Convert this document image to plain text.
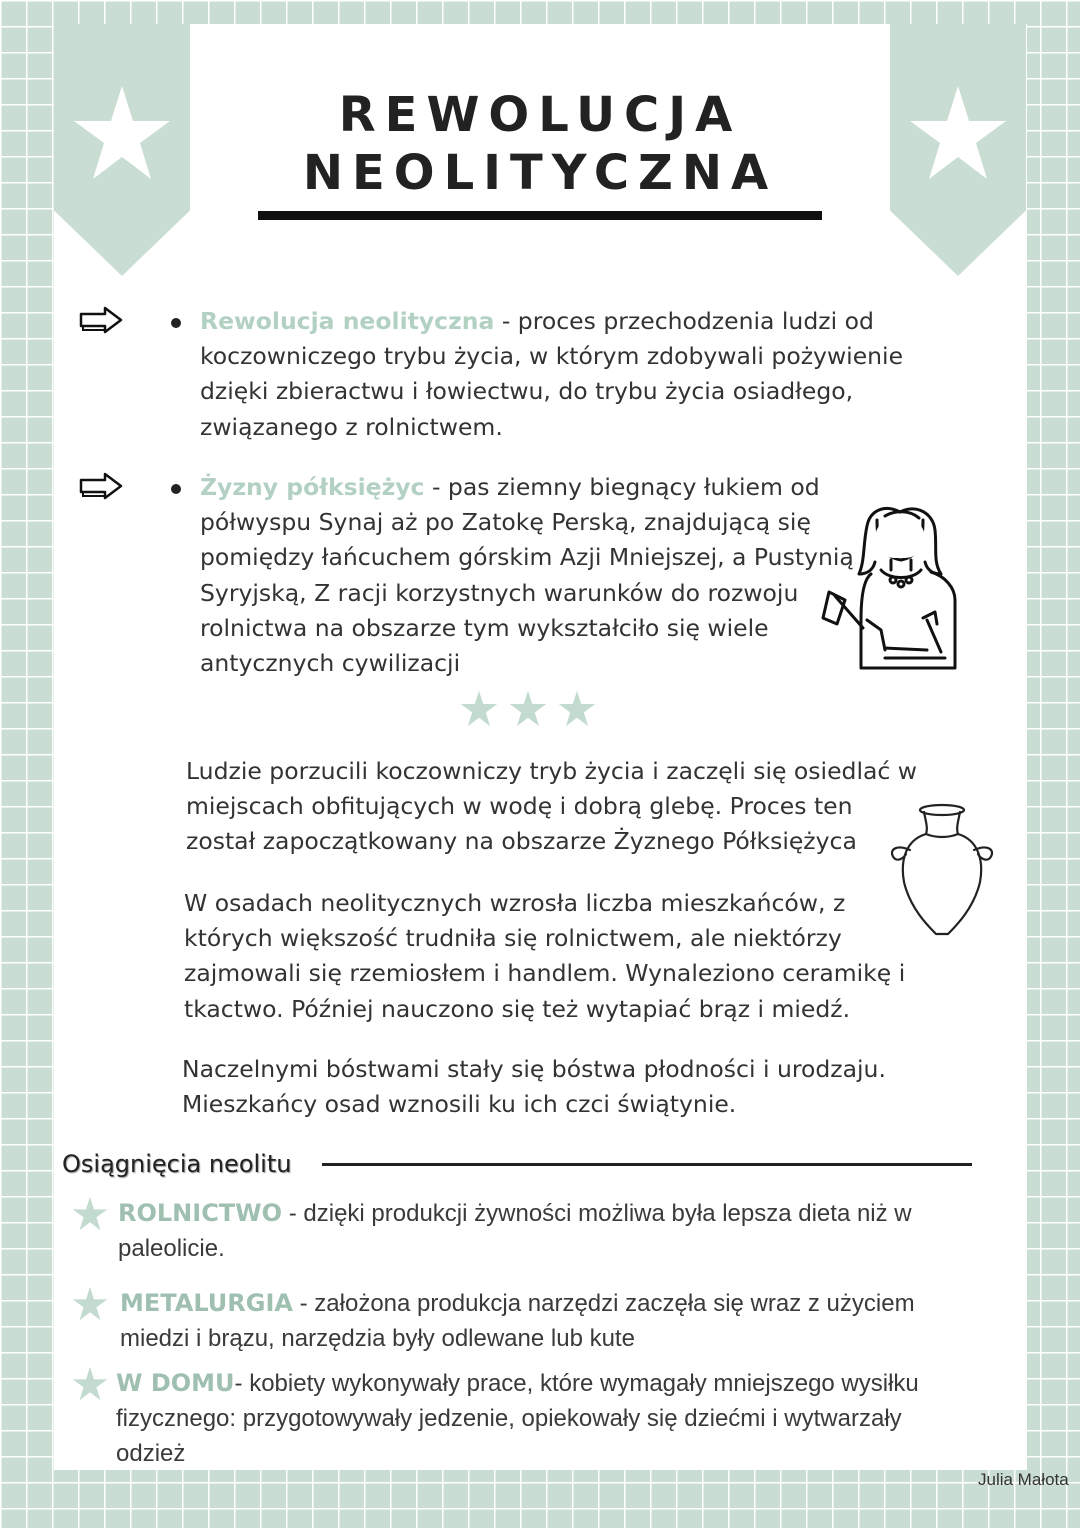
REWOLUCJA
NEOLITYCZNA
Rewolucja neolityczna - proces przechodzenia ludzi od koczowniczego trybu życia, w którym zdobywali pożywienie dzięki zbieractwu i łowiectwu, do trybu życia osiadłego, związanego z rolnictwem.
Żyzny półksiężyc - pas ziemny biegnący łukiem od półwyspu Synaj aż po Zatokę Perską, znajdującą się pomiędzy łańcuchem górskim Azji Mniejszej, a Pustynią Syryjską, Z racji korzystnych warunków do rozwoju rolnictwa na obszarze tym wykształciło się wiele antycznych cywilizacji

Ludzie porzucili koczowniczy tryb życia i zaczęli się osiedlać w miejscach obfitujących w wodę i dobrą glebę. Proces ten został zapoczątkowany na obszarze Żyznego Półksiężyca
W osadach neolitycznych wzrosła liczba mieszkańców, z których większość trudniła się rolnictwem, ale niektórzy zajmowali się rzemiosłem i handlem. Wynaleziono ceramikę i tkactwo. Później nauczono się też wytapiać brąz i miedź.
Naczelnymi bóstwami stały się bóstwa płodności i urodzaju. Mieszkańcy osad wznosili ku ich czci świątynie.
Osiągnięcia neolitu
ROLNICTWO - dzięki produkcji żywności możliwa była lepsza dieta niż w paleolicie.
METALURGIA - założona produkcja narzędzi zaczęła się wraz z użyciem miedzi i brązu, narzędzia były odlewane lub kute
W DOMU- kobiety wykonywały prace, które wymagały mniejszego wysiłku fizycznego: przygotowywały jedzenie, opiekowały się dziećmi i wytwarzały odzież
Julia Małota
